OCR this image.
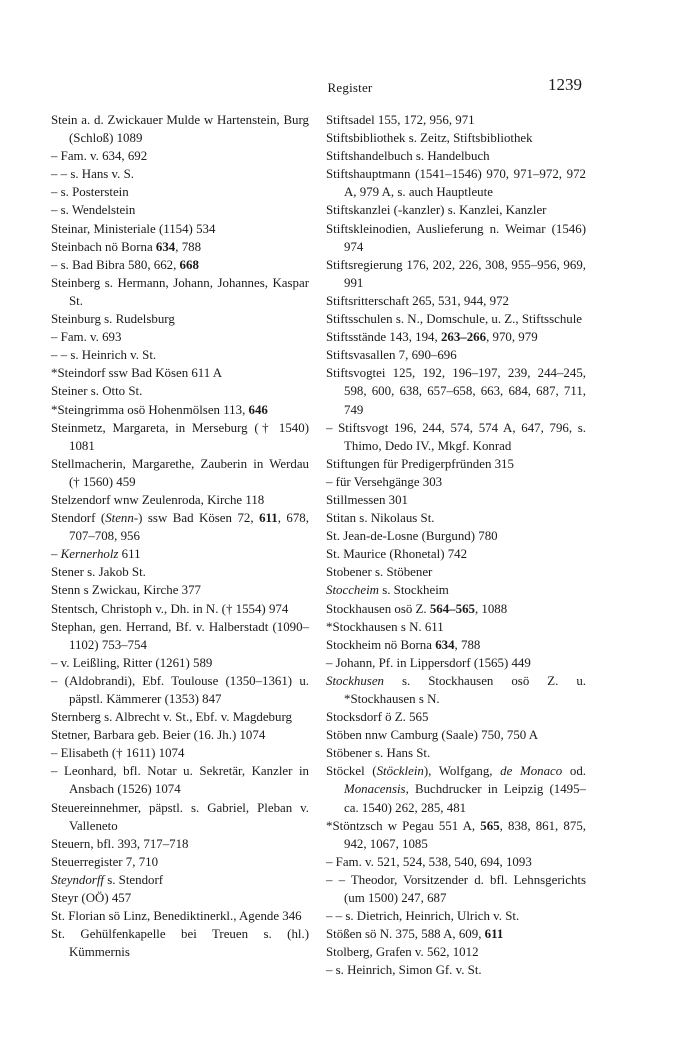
Register	1239
Stein a. d. Zwickauer Mulde w Hartenstein, Burg (Schloß) 1089
– Fam. v. 634, 692
– – s. Hans v. S.
– s. Posterstein
– s. Wendelstein
Steinar, Ministeriale (1154) 534
Steinbach nö Borna 634, 788
– s. Bad Bibra 580, 662, 668
Steinberg s. Hermann, Johann, Johannes, Kaspar St.
Steinburg s. Rudelsburg
– Fam. v. 693
– – s. Heinrich v. St.
*Steindorf ssw Bad Kösen 611 A
Steiner s. Otto St.
*Steingrimma osö Hohenmölsen 113, 646
Steinmetz, Margareta, in Merseburg († 1540) 1081
Stellmacherin, Margarethe, Zauberin in Werdau († 1560) 459
Stelzendorf wnw Zeulenroda, Kirche 118
Stendorf (Stenn-) ssw Bad Kösen 72, 611, 678, 707–708, 956
– Kernerholz 611
Stener s. Jakob St.
Stenn s Zwickau, Kirche 377
Stentsch, Christoph v., Dh. in N. († 1554) 974
Stephan, gen. Herrand, Bf. v. Halberstadt (1090–1102) 753–754
– v. Leißling, Ritter (1261) 589
– (Aldobrandi), Ebf. Toulouse (1350–1361) u. päpstl. Kämmerer (1353) 847
Sternberg s. Albrecht v. St., Ebf. v. Magdeburg
Stetner, Barbara geb. Beier (16. Jh.) 1074
– Elisabeth († 1611) 1074
– Leonhard, bfl. Notar u. Sekretär, Kanzler in Ansbach (1526) 1074
Steuereinnehmer, päpstl. s. Gabriel, Pleban v. Valleneto
Steuern, bfl. 393, 717–718
Steuerregister 7, 710
Steyndorff s. Stendorf
Steyr (OÖ) 457
St. Florian sö Linz, Benediktinerkl., Agende 346
St. Gehülfenkapelle bei Treuen s. (hl.) Kümmernis
Stiftsadel 155, 172, 956, 971
Stiftsbibliothek s. Zeitz, Stiftsbibliothek
Stiftshandelbuch s. Handelbuch
Stiftshauptmann (1541–1546) 970, 971–972, 972 A, 979 A, s. auch Hauptleute
Stiftskanzlei (-kanzler) s. Kanzlei, Kanzler
Stiftskleinodien, Auslieferung n. Weimar (1546) 974
Stiftsregierung 176, 202, 226, 308, 955–956, 969, 991
Stiftsritterschaft 265, 531, 944, 972
Stiftsschulen s. N., Domschule, u. Z., Stiftsschule
Stiftsstände 143, 194, 263–266, 970, 979
Stiftsvasallen 7, 690–696
Stiftsvogtei 125, 192, 196–197, 239, 244–245, 598, 600, 638, 657–658, 663, 684, 687, 711, 749
– Stiftsvogt 196, 244, 574, 574 A, 647, 796, s. Thimo, Dedo IV., Mkgf. Konrad
Stiftungen für Predigerpfründen 315
– für Versehgänge 303
Stillmessen 301
Stitan s. Nikolaus St.
St. Jean-de-Losne (Burgund) 780
St. Maurice (Rhonetal) 742
Stobener s. Stöbener
Stoccheim s. Stockheim
Stockhausen osö Z. 564–565, 1088
*Stockhausen s N. 611
Stockheim nö Borna 634, 788
– Johann, Pf. in Lippersdorf (1565) 449
Stockhusen s. Stockhausen osö Z. u. *Stockhausen s N.
Stocksdorf ö Z. 565
Stöben nnw Camburg (Saale) 750, 750 A
Stöbener s. Hans St.
Stöckel (Stöcklein), Wolfgang, de Monaco od. Monacensis, Buchdrucker in Leipzig (1495–ca. 1540) 262, 285, 481
*Stöntzsch w Pegau 551 A, 565, 838, 861, 875, 942, 1067, 1085
– Fam. v. 521, 524, 538, 540, 694, 1093
– – Theodor, Vorsitzender d. bfl. Lehnsgerichts (um 1500) 247, 687
– – s. Dietrich, Heinrich, Ulrich v. St.
Stößen sö N. 375, 588 A, 609, 611
Stolberg, Grafen v. 562, 1012
– s. Heinrich, Simon Gf. v. St.
